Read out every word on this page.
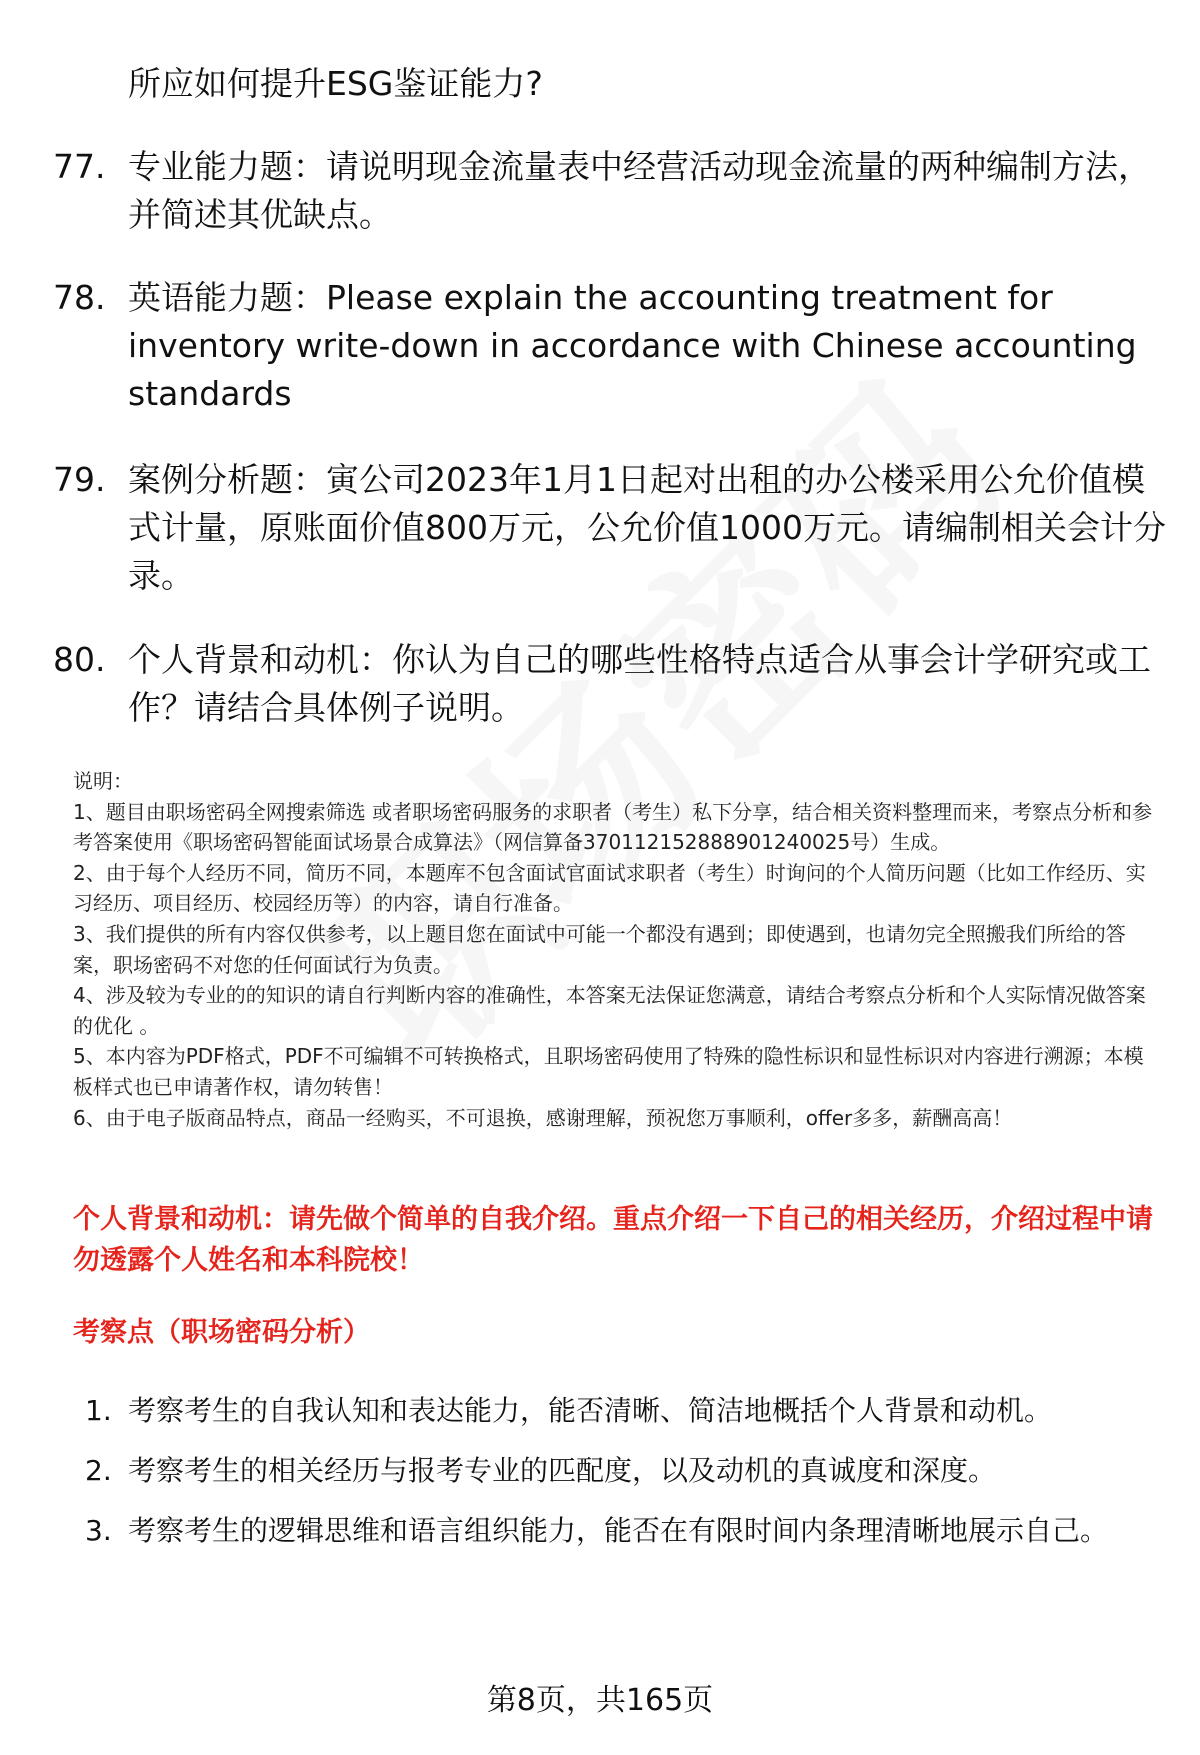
所应如何提升ESG鉴证能力?
77. 专业能力题：请说明现金流量表中经营活动现金流量的两种编制方法，并简述其优缺点。
78. 英语能力题：Please explain the accounting treatment for inventory write-down in accordance with Chinese accounting standards
79. 案例分析题：寅公司2023年1月1日起对出租的办公楼采用公允价值模式计量，原账面价值800万元，公允价值1000万元。请编制相关会计分录。
80. 个人背景和动机：你认为自己的哪些性格特点适合从事会计学研究或工作？请结合具体例子说明。

说明：

1、题目由职场密码全网搜索筛选 或者职场密码服务的求职者（考生）私下分享，结合相关资料整理而来，考察点分析和参考答案使用《职场密码智能面试场景合成算法》（网信算备370112152888901240025号）生成。

2、由于每个人经历不同，简历不同，本题库不包含面试官面试求职者（考生）时询问的个人简历问题（比如工作经历、实习经历、项目经历、校园经历等）的内容，请自行准备。

3、我们提供的所有内容仅供参考，以上题目您在面试中可能一个都没有遇到；即使遇到，也请勿完全照搬我们所给的答案，职场密码不对您的任何面试行为负责。

4、涉及较为专业的的知识的请自行判断内容的准确性，本答案无法保证您满意，请结合考察点分析和个人实际情况做答案的优化 。

5、本内容为PDF格式，PDF不可编辑不可转换格式，且职场密码使用了特殊的隐性标识和显性标识对内容进行溯源；本模板样式也已申请著作权，请勿转售！

6、由于电子版商品特点，商品一经购买，不可退换，感谢理解，预祝您万事顺利，offer多多，薪酬高高！

个人背景和动机：请先做个简单的自我介绍。重点介绍一下自己的相关经历，介绍过程中请勿透露个人姓名和本科院校！
考察点（职场密码分析）
1. 考察考生的自我认知和表达能力，能否清晰、简洁地概括个人背景和动机。
2. 考察考生的相关经历与报考专业的匹配度，以及动机的真诚度和深度。
3. 考察考生的逻辑思维和语言组织能力，能否在有限时间内条理清晰地展示自己。
第8页，共165页
